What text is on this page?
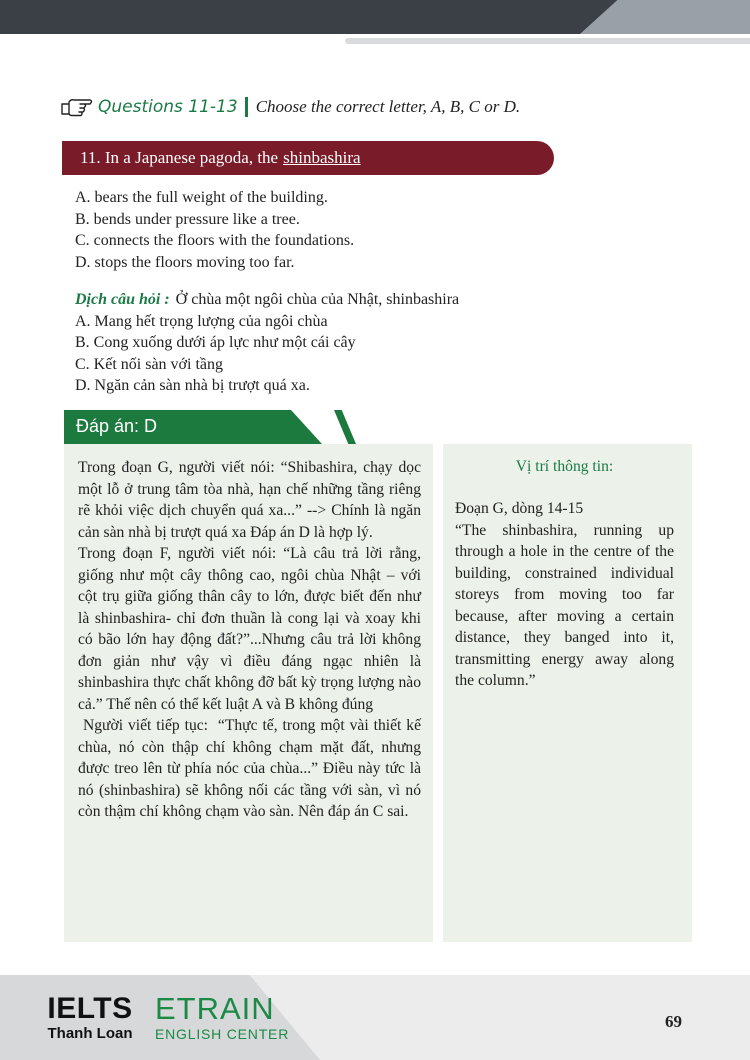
Questions 11-13 Choose the correct letter, A, B, C or D.
11. In a Japanese pagoda, the shinbashira
A. bears the full weight of the building.
B. bends under pressure like a tree.
C. connects the floors with the foundations.
D. stops the floors moving too far.
Dịch câu hỏi : Ở chùa một ngôi chùa của Nhật, shinbashira
A. Mang hết trọng lượng của ngôi chùa
B. Cong xuống dưới áp lực như một cái cây
C. Kết nối sàn với tầng
D. Ngăn cản sàn nhà bị trượt quá xa.
Đáp án: D

Trong đoạn G, người viết nói: “Shibashira, chạy dọc một lỗ ở trung tâm tòa nhà, hạn chế những tầng riêng rẽ khỏi việc dịch chuyển quá xa...” --> Chính là ngăn cản sàn nhà bị trượt quá xa Đáp án D là hợp lý.

Trong đoạn F, người viết nói: “Là câu trả lời rằng, giống như một cây thông cao, ngôi chùa Nhật – với cột trụ giữa giống thân cây to lớn, được biết đến như là shinbashira- chỉ đơn thuần là cong lại và xoay khi có bão lớn hay động đất?”...Nhưng câu trả lời không đơn giản như vậy vì điều đáng ngạc nhiên là shinbashira thực chất không đỡ bất kỳ trọng lượng nào cả.” Thế nên có thể kết luật A và B không đúng

Người viết tiếp tục:  “Thực tế, trong một vài thiết kế chùa, nó còn thập chí không chạm mặt đất, nhưng được treo lên từ phía nóc của chùa...” Điều này tức là nó (shinbashira) sẽ không nối các tầng với sàn, vì nó còn thậm chí không chạm vào sàn. Nên đáp án C sai.

Vị trí thông tin:

Đoạn G, dòng 14-15

“The shinbashira, running up through a hole in the centre of the building, constrained individual storeys from moving too far because, after moving a certain distance, they banged into it, transmitting energy away along the column.”

IELTS
Thanh Loan
ETRAIN
ENGLISH CENTER
69
